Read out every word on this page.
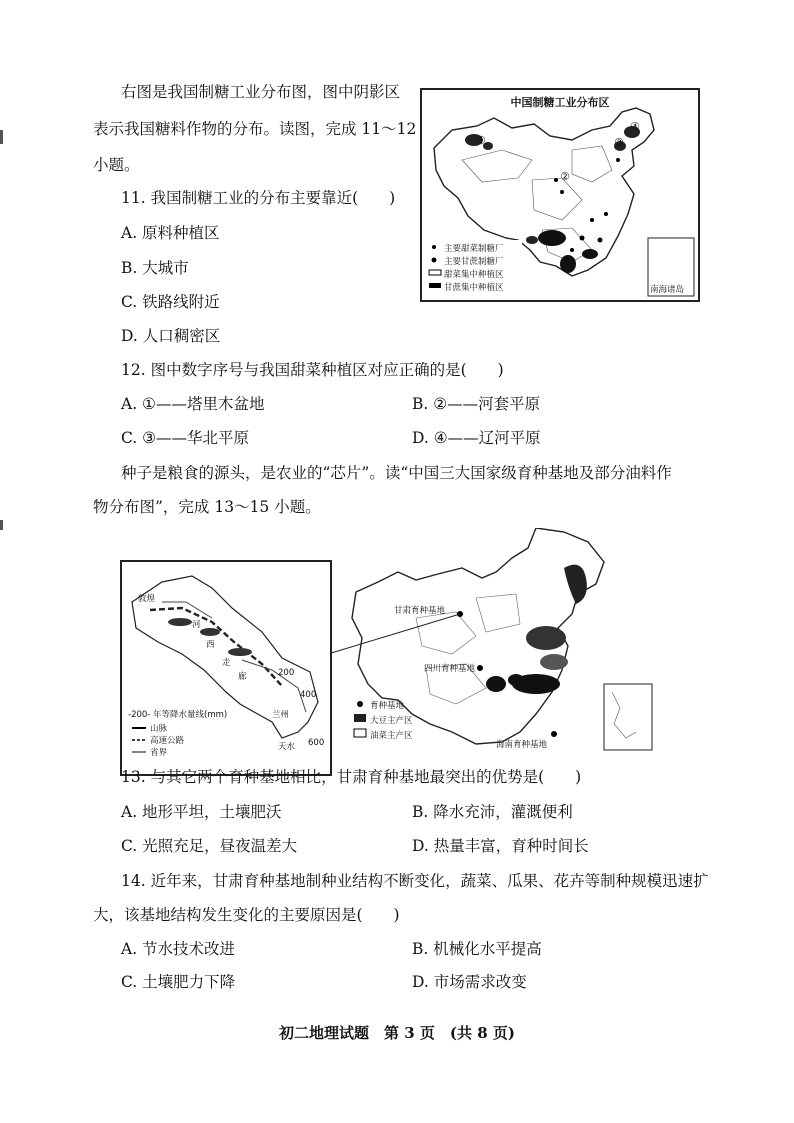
右图是我国制糖工业分布图，图中阴影区
表示我国糖料作物的分布。读图，完成 11～12
小题。
中国制糖工业分布区
①
②
③
④
主要甜菜制糖厂
主要甘蔗制糖厂
甜菜集中种植区
甘蔗集中种植区	南海诸岛
11. 我国制糖工业的分布主要靠近(　　)
A. 原料种植区
B. 大城市
C. 铁路线附近
D. 人口稠密区
12. 图中数字序号与我国甜菜种植区对应正确的是(　　)
A. ①——塔里木盆地	B. ②——河套平原
C. ③——华北平原	D. ④——辽河平原
种子是粮食的源头，是农业的“芯片”。读“中国三大国家级育种基地及部分油料作
物分布图”，完成 13～15 小题。
敦煌
河
西
走
廊
兰州
天水
200
400
600
-200- 年等降水量线(mm)
山脉
高速公路
省界
甘肃育种基地
四川育种基地
海南育种基地
育种基地
大豆主产区
油菜主产区
13. 与其它两个育种基地相比，甘肃育种基地最突出的优势是(　　)
A. 地形平坦，土壤肥沃	B. 降水充沛，灌溉便利
C. 光照充足，昼夜温差大	D. 热量丰富，育种时间长
14. 近年来，甘肃育种基地制种业结构不断变化，蔬菜、瓜果、花卉等制种规模迅速扩
大，该基地结构发生变化的主要原因是(　　)
A. 节水技术改进	B. 机械化水平提高
C. 土壤肥力下降	D. 市场需求改变
初二地理试题　第 3 页　(共 8 页)
